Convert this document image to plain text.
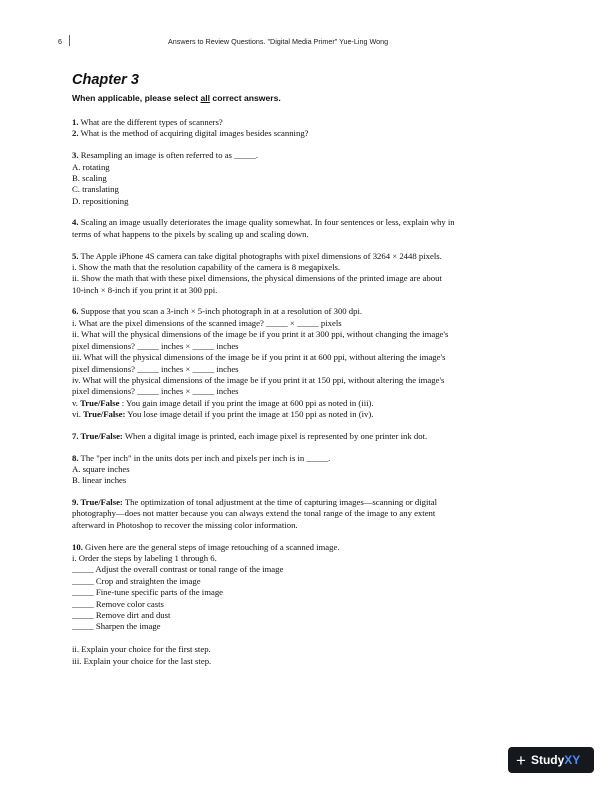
6	Answers to Review Questions. "Digital Media Primer" Yue-Ling Wong
Chapter 3

When applicable, please select all correct answers.

1. What are the different types of scanners?
2. What is the method of acquiring digital images besides scanning?
3. Resampling an image is often referred to as _____.
A. rotating
B. scaling
C. translating
D. repositioning
4. Scaling an image usually deteriorates the image quality somewhat. In four sentences or less, explain why in
terms of what happens to the pixels by scaling up and scaling down.
5. The Apple iPhone 4S camera can take digital photographs with pixel dimensions of 3264 × 2448 pixels.
i. Show the math that the resolution capability of the camera is 8 megapixels.
ii. Show the math that with these pixel dimensions, the physical dimensions of the printed image are about
10-inch × 8-inch if you print it at 300 ppi.
6. Suppose that you scan a 3-inch × 5-inch photograph in at a resolution of 300 dpi.
i. What are the pixel dimensions of the scanned image? _____ × _____ pixels
ii. What will the physical dimensions of the image be if you print it at 300 ppi, without changing the image's
pixel dimensions? _____ inches × _____ inches
iii. What will the physical dimensions of the image be if you print it at 600 ppi, without altering the image's
pixel dimensions? _____ inches × _____ inches
iv. What will the physical dimensions of the image be if you print it at 150 ppi, without altering the image's
pixel dimensions? _____ inches × _____ inches
v. True/False : You gain image detail if you print the image at 600 ppi as noted in (iii).
vi. True/False: You lose image detail if you print the image at 150 ppi as noted in (iv).
7. True/False: When a digital image is printed, each image pixel is represented by one printer ink dot.
8. The "per inch" in the units dots per inch and pixels per inch is in _____.
A. square inches
B. linear inches
9. True/False: The optimization of tonal adjustment at the time of capturing images—scanning or digital
photography—does not matter because you can always extend the tonal range of the image to any extent
afterward in Photoshop to recover the missing color information.
10. Given here are the general steps of image retouching of a scanned image.
i. Order the steps by labeling 1 through 6.
_____ Adjust the overall contrast or tonal range of the image
_____ Crop and straighten the image
_____ Fine-tune specific parts of the image
_____ Remove color casts
_____ Remove dirt and dust
_____ Sharpen the image
ii. Explain your choice for the first step.
iii. Explain your choice for the last step.
+ Study XY
